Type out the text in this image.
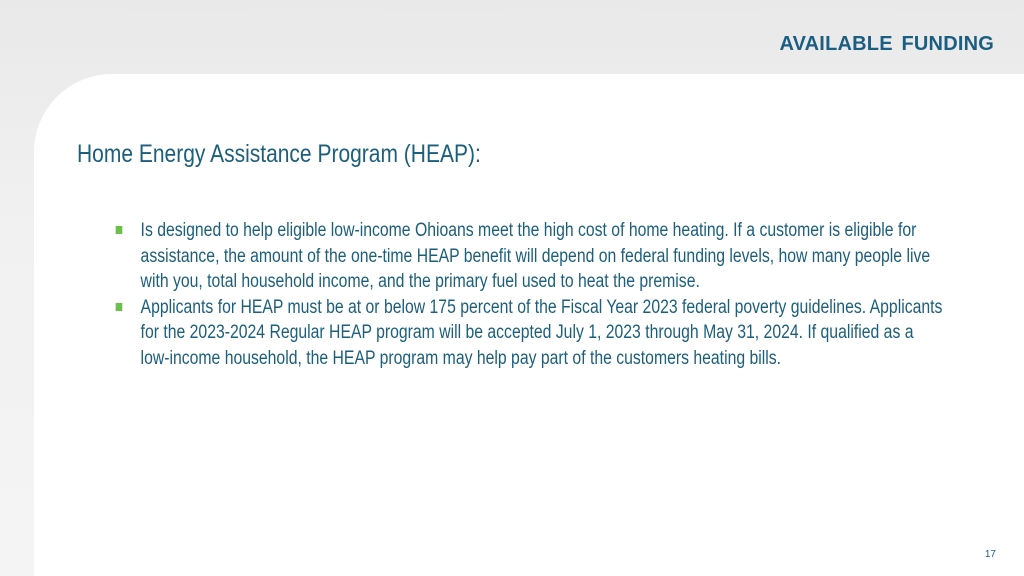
AVAILABLE FUNDING
Home Energy Assistance Program (HEAP):
Is designed to help eligible low-income Ohioans meet the high cost of home heating. If a customer is eligible for assistance, the amount of the one-time HEAP benefit will depend on federal funding levels, how many people live with you, total household income, and the primary fuel used to heat the premise.
Applicants for HEAP must be at or below 175 percent of the Fiscal Year 2023 federal poverty guidelines. Applicants for the 2023-2024 Regular HEAP program will be accepted July 1, 2023 through May 31, 2024. If qualified as a low-income household, the HEAP program may help pay part of the customers heating bills.
17
